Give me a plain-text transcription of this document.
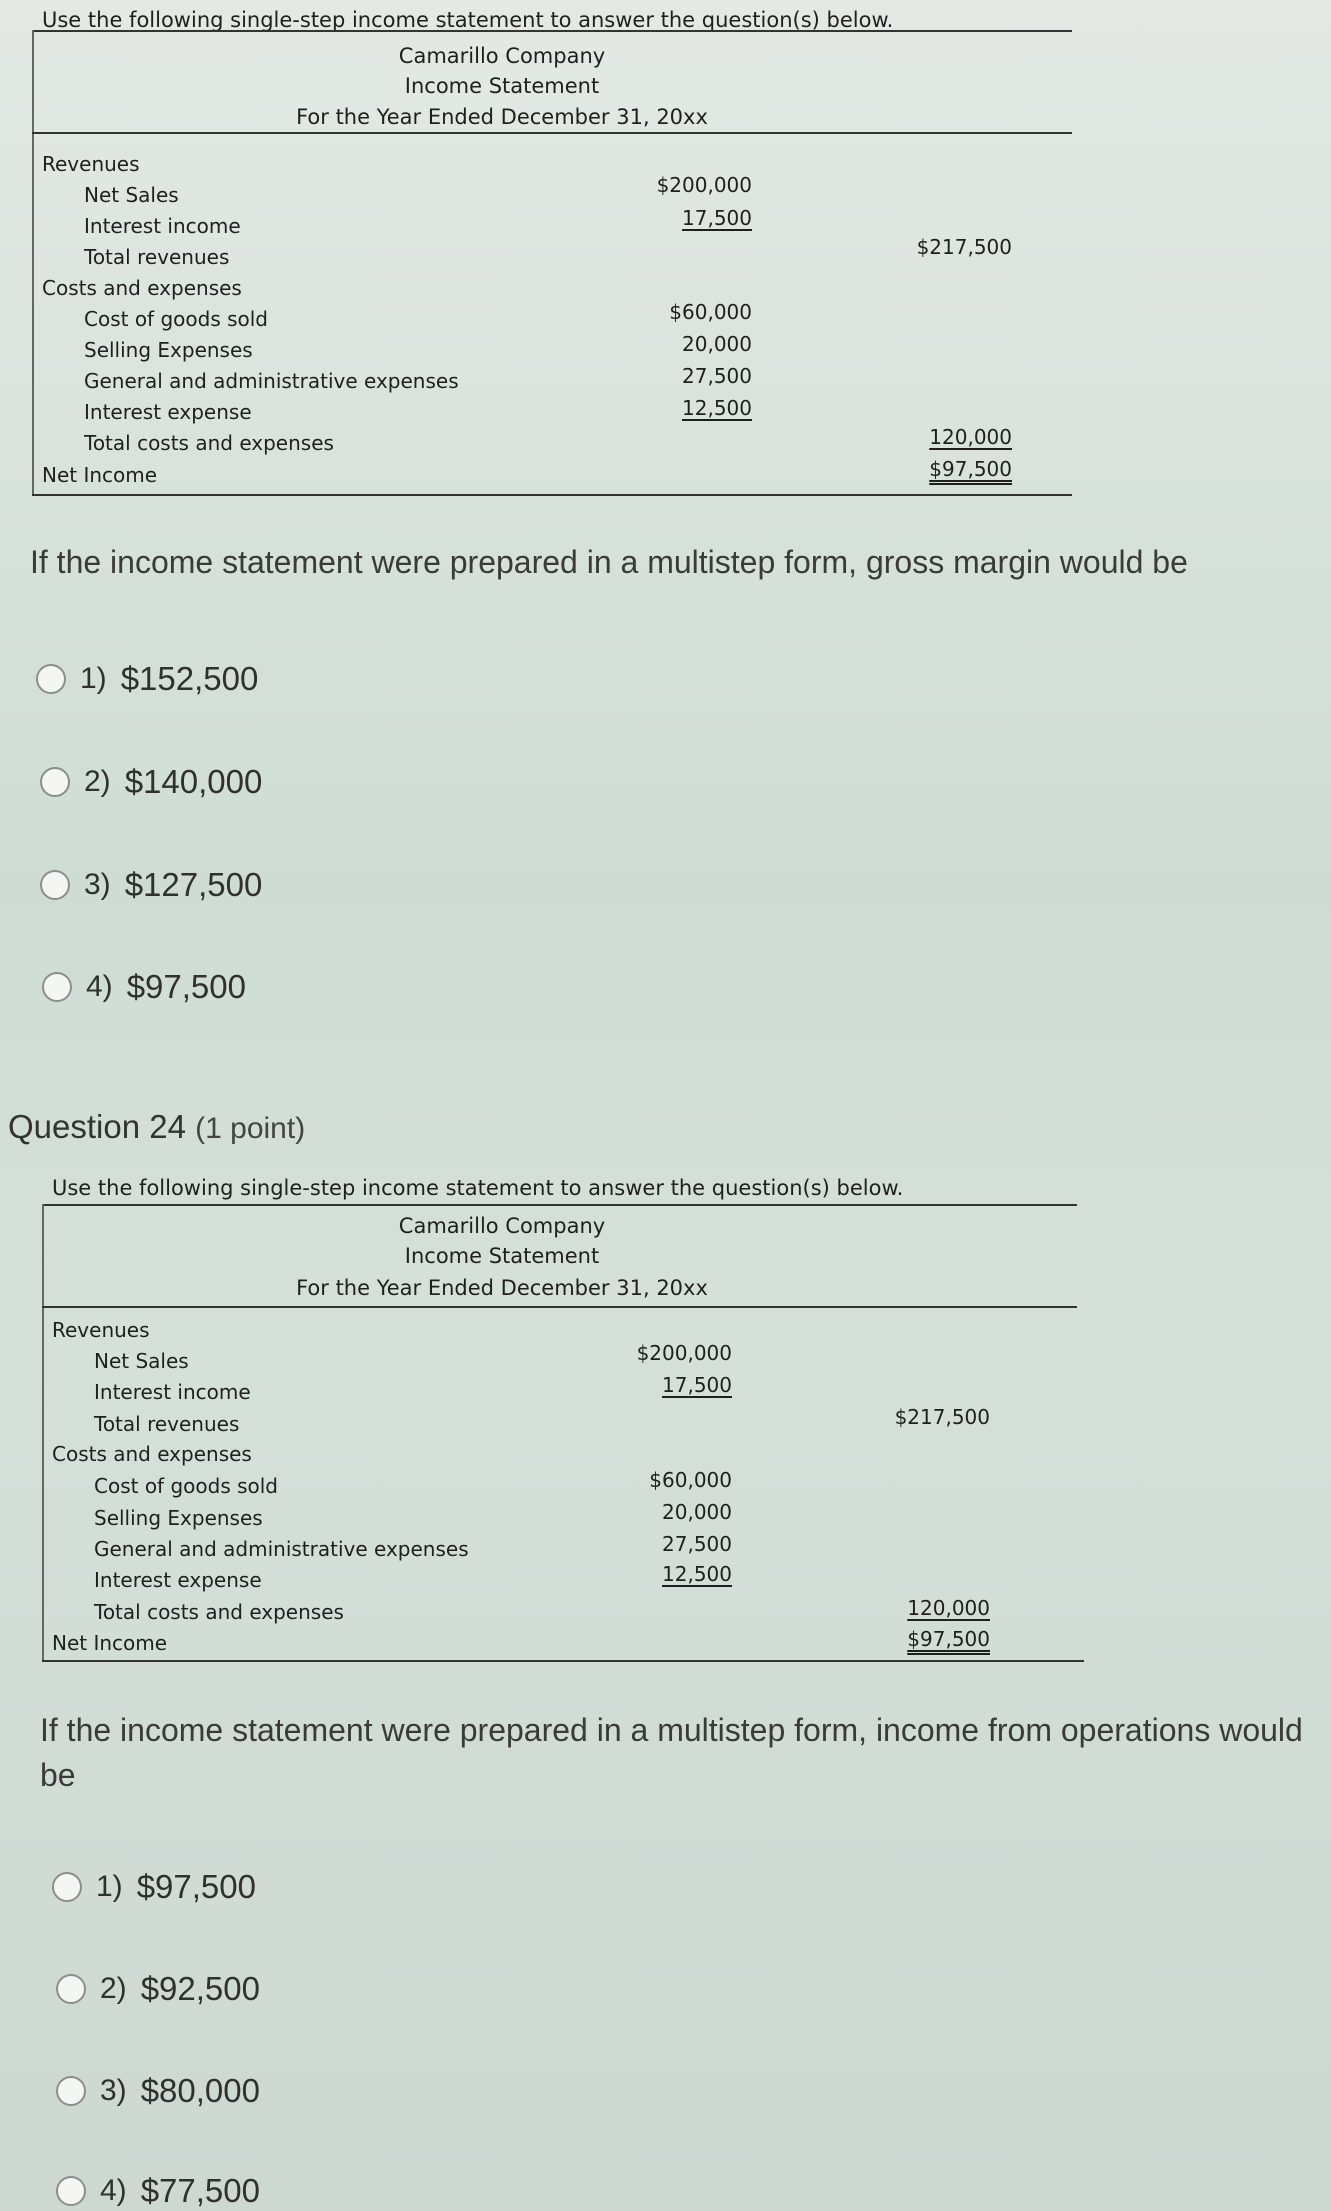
Use the following single-step income statement to answer the question(s) below.
Camarillo Company
Income Statement
For the Year Ended December 31, 20xx
Revenues
Net Sales	$200,000
Interest income	17,500
Total revenues	$217,500
Costs and expenses
Cost of goods sold	$60,000
Selling Expenses	20,000
General and administrative expenses	27,500
Interest expense	12,500
Total costs and expenses	120,000
Net Income	$97,500
If the income statement were prepared in a multistep form, gross margin would be
1) $152,500
2) $140,000
3) $127,500
4) $97,500
Question 24 (1 point)
Use the following single-step income statement to answer the question(s) below.
Camarillo Company
Income Statement
For the Year Ended December 31, 20xx
Revenues
Net Sales	$200,000
Interest income	17,500
Total revenues	$217,500
Costs and expenses
Cost of goods sold	$60,000
Selling Expenses	20,000
General and administrative expenses	27,500
Interest expense	12,500
Total costs and expenses	120,000
Net Income	$97,500
If the income statement were prepared in a multistep form, income from operations would be
1) $97,500
2) $92,500
3) $80,000
4) $77,500
